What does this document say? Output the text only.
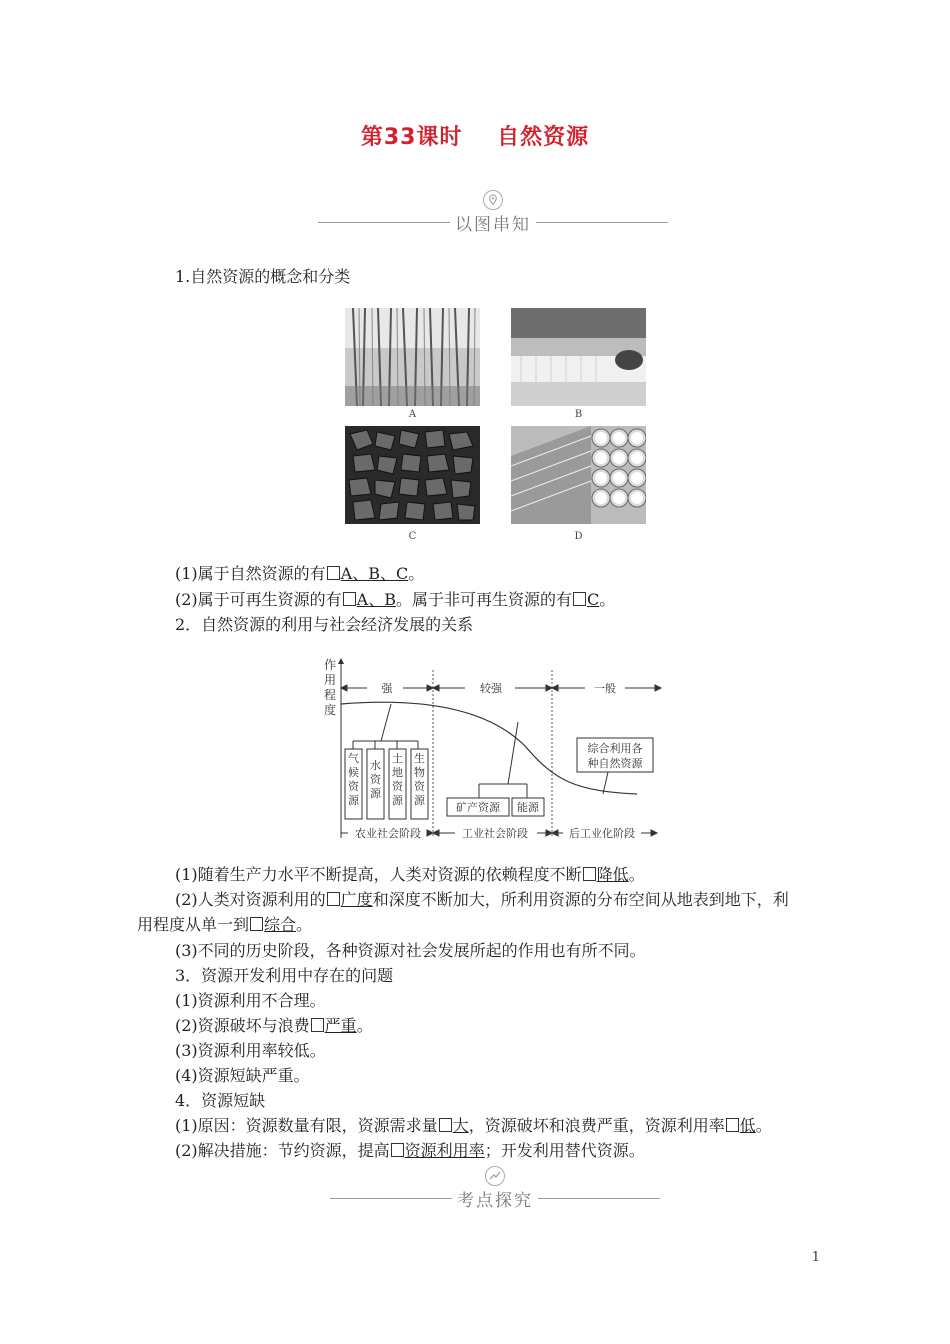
第33课时 自然资源
以图串知
1.自然资源的概念和分类
A	B
C	D
(1)属于自然资源的有 A、B、C。
(2)属于可再生资源的有 A、B。属于非可再生资源的有 C。
2．自然资源的利用与社会经济发展的关系
作
用
程
度
强	较强	一般
气候资源
水资源
土地资源
生物资源
矿产资源 能源
综合利用各
种自然资源
农业社会阶段	工业社会阶段	后工业化阶段
(1)随着生产力水平不断提高，人类对资源的依赖程度不断 降低。
(2)人类对资源利用的 广度和深度不断加大，所利用资源的分布空间从地表到地下，利
用程度从单一到 综合。
(3)不同的历史阶段，各种资源对社会发展所起的作用也有所不同。
3．资源开发利用中存在的问题
(1)资源利用不合理。
(2)资源破坏与浪费 严重。
(3)资源利用率较低。
(4)资源短缺严重。
4．资源短缺
(1)原因：资源数量有限，资源需求量 大，资源破坏和浪费严重，资源利用率 低。
(2)解决措施：节约资源，提高 资源利用率；开发利用替代资源。
考点探究
1
